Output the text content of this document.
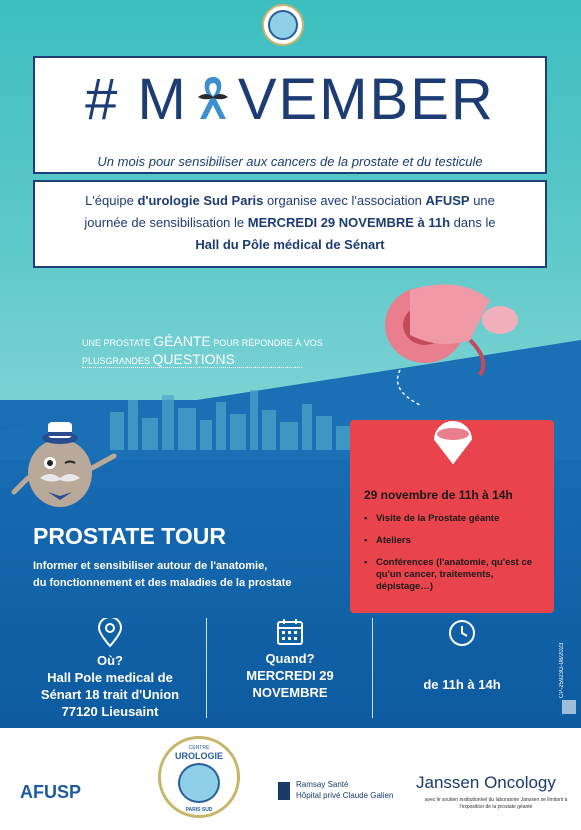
# M VEMBER
Un mois pour sensibiliser aux cancers de la prostate et du testicule
L'équipe d'urologie Sud Paris organise avec l'association AFUSP une
journée de sensibilisation le MERCREDI 29 NOVEMBRE à 11h dans le
Hall du Pôle médical de Sénart
UNE PROSTATE GÉANTE POUR RÉPONDRE À VOS
PLUSGRANDES QUESTIONS
29 novembre de 11h à 14h
• Visite de la Prostate géante
• Ateliers
• Conférences (l'anatomie, qu'est ce qu'un cancer, traitements, dépistage…)
PROSTATE TOUR
Informer et sensibiliser autour de l'anatomie,
du fonctionnement et des maladies de la prostate
Où?
Hall Pole medical de
Sénart 18 trait d'Union
77120 Lieusaint
Quand?
MERCREDI 29
NOVEMBRE
de 11h à 14h	CP-25923G-08/2023
AFUSP
CENTRE
UROLOGIE
PARIS SUD
Ramsay Santé
Hôpital privé Claude Galien
Janssen Oncology
avec le soutien institutionnel du laboratoire Janssen se limitant à l'exposition de la prostate géante
